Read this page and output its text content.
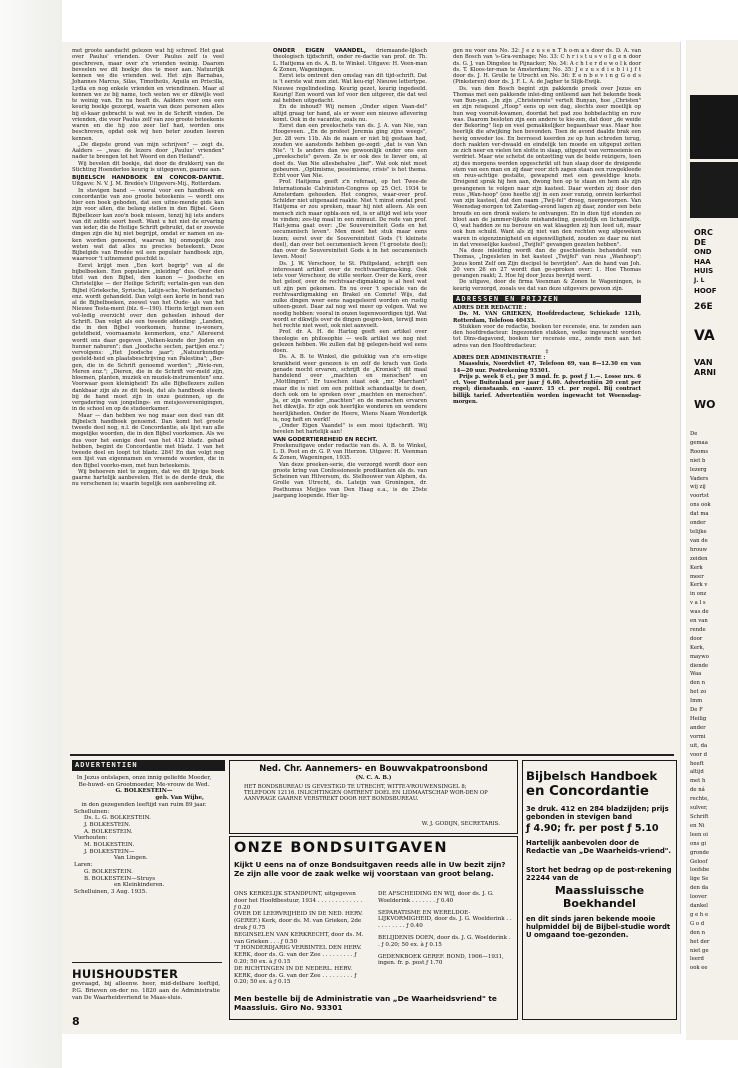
met groote aandacht gelezen wat hij schreef. Het gaat over Paulus' vrienden. Over Paulus zelf is veel geschreven, maar over z'n vrienden weinig. Daarom beveelen we dit boekje des te meer aan. Natuurlijk kennen we die vrienden wel. Het zijn Barnabas, Johannes Marcus, Silas, Timotheüs, Aquila en Priscilla, Lydia en nog enkele vrienden en vriendinnen. Maar al kennen we ze bij name, toch weten we er dikwijls veel te weinig van. En nu heeft ds. Aalders voor ons een keurig boekje gezorgd, waarin van deze personen alles bij el-kaar gebracht is wat we in de Schrift vinden. De vrienden, die voor Paulus zelf van zoo groote beteekenis waren en die hij zoo zeer lief had, worden ons beschreven, opdat ook wij hen beter zouden leeren kennen.

„De diepste grond van mijn schrijven" — zegt ds. Aalders — „was: de lezers door „Paulus' vrienden" nader te brengen tot het Woord en den Heiland".

Wij bevelen dit boekje, dat door de drukkerij van de Stichting Hoenderloo keurig is uitgegeven, gaarne aan.

BIJBELSCH HANDBOEK EN CONCOR-DANTIE. Uitgave: N. V. J. M. Bredée's Uitgevers-Mij., Rotterdam.

In stevigen band — vooral voor een handboek en concordantie van zoo groote beteekenis — wordt ons hier een boek geboden, dat een uitne-mende gids kan zijn voor allen, die belang stellen in den Bijbel. Geen Bijbellezer kan zoo'n boek missen, tenzij hij iets anders van dit zelfde soort heeft. Want u het niet de ervaring van ieder, die de Heilige Schrift gebruikt, dat er zoovele dingen zijn die hij niet begrijpt, omdat er namen en za-ken worden genoemd, waarvan hij onmogelijk zou weten wat dat alles nu precies beteekent. Deze Bijbelgids van Bredée wil een populair handboek zijn, waarvoor 't uitnemend geschikt is.

Eerst krijgt men „Een kort begrip" van al de bijbelboeken. Een populaire „inleiding" dus. Over den titel van den Bijbel, den kanon — Joodsche en Christelijke — der Heilige Schrift; vertalin-gen van den Bijbel (Grieksche, Syrische, Latijn-sche, Nederlandsche) enz. wordt gehandeld. Dan volgt een korte in hond van al de Bijbelboeken, zoowel van het Oude- als van het Nieuwe Testa-ment (blz. 6—190). Hierin krijgt men een vol-ledig overzicht over den geheelen inhoud der Schrift. Dan volgt als een tweede afdeeling: „Landen, die in den Bijbel voorkomen, hunne in-woners, geteldheid, voornaamste kenmerken, enz." Allereerst wordt ons daar gegeven „Volken-kunde der Joden en hunner naburen"; dan „Joodsche secten, partijen enz."; vervolgens: „Het Joodsche jaar"; „Natuurkundige gesteld-heid en plaatsbeschrijving van Palestina"; „Ber-gen, die in de Schrift genoemd worden"; „Rivie-ren, Meren enz."; „Dieren, die in de Schrift vor-meld zijn, bloemen, planten, muziek en muziek-instrumenten" enz. Voorwaar geen kleinigheid! En alle Bijbellezers zullen dankbaar zijn als ze dit boek, dat als handboek steeds bij de hand moet zijn in onze gezinnen, op de vergadering van jongelings- en meisjesvereenigingen, in de school en op de studeerkamer.

Maar — dan hebben we nog maar een deel van dit Bijbelsch handboek genoemd. Dan komt het groote tweede deel nog, n.l. de Concordantie, als lijst van alle mogelijke woorden, die in den Bijbel voorkomen. Als we dus voor het eenige deel van het 412 bladz. gehad hebben, begint de Concordantie met bladz. 1 van het tweede deel en loopt tot bladz. 284! En dan volgt nog een lijst van eigennamen en vreemde woorden, die in den Bijbel voorko-men, met hun beteekenis.

Wij behoeven niet te zeggen, dat we dit lijvige boek gaarne hartelijk aanbevelen. Het is de derde druk, die nu verschenen is; waarin tegelijk een aanbeveling zit.

ONDER EIGEN VAANDEL, driemaande-lijksch theologisch tijdschrift, onder re-dactie van prof. dr. Th. L. Haitjema en ds. A. B. te Winkel. Uitgave: H. Veen-man & Zonen, Wageningen.

Eerst iets omtrent den omslag van dit tijd-schrift. Dat is 't eerste wat men ziet. Wat keu-rig! Nieuwe lettertype. Nieuwe regelindeeling. Keurig gezet, keurig ingedeeld. Keurig! Een woord van lof voor den uitgever, die dat wel zal hebben uitgedacht.

En de inhoud? Wij nemen „Onder eigen Vaan-del" altijd graag ter hand, als er weer een nieuwe aflevering komt. Ook in de vacantie, zoals nu.

Eerst dan een preekschets van ds. J. A. van Nie, van Hoogeveen. „En de profeet Jeremia ging zijns weegs", Jer. 28 vers 11b. Als de naam er niet bij gestaan had, zouden we aanstonds hebben ge-zegd: „dat is van Van Nie". 't Is anders dan we gewoonlijk onder ons een „preekschets" geven. Ze is er ook des te liever om, al doet ds. Van Nie allesbehalve „lief". Wat ook niet moet gebeuren. „Optimisme, pessimisme, crisis" is het thema. Echt voor Van Nie.

Prof. Haitjema geeft z'n referaat, op het Twee-de Internationale Calvinisten-Congres op 25 Oct. 1934 te Amsterdam gehouden. Het congres, waar-over prof. Schilder niet uitgenaaid raakte. Niet 't minst omdat prof. Haitjema er zou spreken, maar hij niet alleen. Als een mensch zich maar opbla-zen wil, is er altijd wel iets voor te vinden; zes-tig maal in een minuut. De rede van prof. Hait-jema gaat over: „De Souvereiniteit Gods en het oecumenisch leven". Men moet het stuk maar eens lezen; eerst over de Souvereiniteit Gods ('t kleinste deel), dan over het oecumenisch leven ('t grootste deel); dan over de Souvereiniteit Gods à in het oecumenisch leven. Mooi!

Ds. J. W. Verschoor, te St. Philipsland, schrijft een interessant artikel over de rechtvaardigma-king. Ook iets voor Verschoor, de stille werker. Over de Kerk, over het geloof, over de rechtvaar-digmaking is al heel wat uit zijn pen gekomen. En nu over 't speciale van de rechtvaardigmaking en Brakel en Comrie! Wijs, dat zulke dingen weer eens nagegeleerd worden en rustig uiteen-gezet. Daar zal nog wel meer op volgen. Wat we noodig hebben: vooral in onzen tegenwoordigen tijd. Wat wordt er dikwijls over de dingen gespro-ken, terwijl men het rechte niet weet, ook niet aanvoelt.

Prof. dr. A. H. de Hartog geeft een artikel over theologie en philosophie — welk artikel we nog niet gelezen hebben. We zullen dat bij gelegen-heid wel eens doen.

Ds. A. B. te Winkel, die gelukkig van z'n ern-stige krankheid weer genezen is en zelf de krach van Gods genade mocht ervaren, schrijft de „Kroniek"; dit maal handelend over „machten en menschen" en „Mottlingen". Er tusschen staat ook „mr. Marchant" maar die is niet om een politiek schandaaltje te doen, doch ook om te spreken over „machten en menschen". Ja, er zijn wonder „machten" en de menschen ervaren het dikwijls. Er zijn ook heerlijke wonderen en wondere heerlijkheden. Onder de Heere, Wiens Naam Wonderlijk is, nog heft en werkt!

„Onder Eigen Vaandel" is een mooi tijdschrift. Wij bevelen het hartelijk aan!

VAN GODERTIEREHEID EN RECHT.

Preekenuitgave onder redactie van ds. A. B. te Winkel, L. D. Poot en dr. G. P. van Itterzon. Uitgave: H. Veenman & Zonen, Wageningen, 1935.

Van deze preeken-serie, die verzorgd wordt door een groote kring van Confessioneele predikanten als ds. van Scheinen van Hilversum, ds. Stelhouwer van Alphen, ds. Grolle van Utrecht, ds. Lateijn van Groningen, dr. Posthumus Meijjes van Den Haag e.a., is de 25ste jaargang loopende. Hier lig-

gen nu voor ons No. 32: J e z u s e n T h o-m a s door ds. D. A. van den Bosch van 's-Gra-venhage; No. 33: C h r i s t u s v o l g e n door ds. G. J. van Dingstee te Pijnacker; No. 34: A c h t e r d e w o l k door ds. T. Kloos-ter-man te Amsterdam; No. 35: J e z u s d i e b l i j f t door ds. J. H. Grolle te Utrecht en No. 36: E e n b e v i n g G o d s (Pinksteren) door ds. J. F. L. A. de Jagher te Slijk-Ewijk.

Ds. van den Bosch begint zijn pakkende preek over Jezus en Thomas met een pakkende inlei-ding ontleend aan het bekende boek van Bun-yan. „In zijn „Christenreis" vertelt Bunyan, hoe „Christen" en zijn reisgezel „Hoop" eens op een dag, slechts zeer moeilijk op hun weg vooruit-kwamen, doordat het pad zoo hobbelachtig en ruw was. Daarom besloten zijn een andere te kie-zen, dat door „de weide der Bekoring" liep en veel gemakkelijker begaanbaar was. Maar hoe heerlijk die afwijking hen bevonden. Toen de avond daalde brak een hevig onweder los. En bevreesd keerden ze op hun schreden terug, doch raakten ver-dwaald en eindelijk ten moede en uitgeput zetten ze zich neer en vielen ten slotte in slaap, uitgeput van vermoeienis en verdriet. Maar wie schetst de ontzetting van de beide reizigers, toen zij des morgens werden opgeschrikt uit hun slaap door de dreigende stem van een man en zij daar voor zich zagen staan een ruwgekleede en reus-achtige gestalte, gewapend met een geweldige knots. Dreigend sprak hij hen aan, dwong hen op te staan en hem als zijn gevangenen te volgen naar zijn kasteel. Daar werden zij door den reus „Wan-hoop" (zoo heette zij) in een zeer vunzig, onrein kerkerhol van zijn kasteel, dat den naam „Twij-fel" droeg, neergeworpen. Van Woensdag-morgen tot Zaterdag-avond lagen zij daar, zonder een bete brouds en een dronk waters te ontvangen. En in dien tijd stonden ze bloot aan de jammer-lijkste mishandeling, geestelijk en lichamelijk. O, wat hadden ze nu berouw en wat klaagden zij hun leed uit, maar ook hun schuld. Want als zij niet van den rechten weg afgeweken waren in eigenzinnigheid en eigenwilligheid, zouden ze daar nu niet in dat vreeselijke kasteel „Twijfel" gevangen gezeten hebben".

Na deze inleiding wordt dan de geschiedenis behandeld van Thomas, „Ingesleten in het kasteel „Twijfel" van reus „Wanhoop"; Jezus komt Zelf om Zijn discipel te bevrijden". Aan de hand van Joh. 20 vers 26 en 27 wordt dan ge-sproken over: 1. Hoe Thomas gevangen raakt; 2. Hoe hij door Jezus bevrijd werd.

De uitgave, door de firma Veenman & Zonen te Wageningen, is keurig verzorgd, zooals we dat van deze uitgevers gewoon zijn.

ADRESSEN EN PRIJZEN

ADRES DER REDACTIE :

Ds. M. VAN GRIEKEN, Hoofdredacteur, Schiekade 121b, Rotterdam, Telefoon 40433.

Stukken voor de redactie, boeken ter recensie, enz. te zenden aan den hoofdredacteur. Ingezonden stukken, welke ingewacht worden tot Dins-dagavond, boeken ter recensie enz., zende men aan het adres van den Hoofdredacteur.

‡

ADRES DER ADMINISTRATIE :

Maassluis, Noordvliet 47, Telefoon 69, van 8—12.30 en van 14—20 uur. Postrekening 93301.

Prijs p. week 6 ct.; per 3 mnd. fr. p. post ƒ 1.—. Losse nrs. 6 ct. Voor Buitenland per jaar ƒ 6.60. Advertentiën 20 cent per regel; dienstaanb. en -aanvr. 15 ct. per regel. Bij contract billijk tarief. Advertentiën worden ingewacht tot Woensdag-morgen.

ADVERTENTIEN

In Jezus ontslapen, onze innig geliefde Moeder, Be-huwd- en Grootmoeder, Me-vrouw de Wed.

G. BOLKESTEIN—

geb. Van Wijhe,

in den gezegenden leeftijd van ruim 89 jaar.

Schelluinen:

Ds. L. G. BOLKESTEIN.

J. BOLKESTEIN.

A. BOLKESTEIN.

Vierhouten:

M. BOLKESTEIN.

J. BOLKESTEIN—

Van Lingen.

Laren:

G. BOLKESTEIN.

B. BOLKESTEIN—Struys

en Kleinkinderen.

Schelluinen, 3 Aug. 1935.

HUISHOUDSTER
gevraagd, bij alleenw. heer, mid-delbare leeftijd, P.G. Brieven on-der no. 1820 aan de Administratie van De Waarheidsvriend te Maas-sluis.
8
Ned. Chr. Aannemers- en Bouwvakpatroonsbond
(N. C. A. B.)
HET BONDSBUREAU IS GEVESTIGD TE UTRECHT, WITTE-VROUWENSINGEL 8; TELEFOON 12116. INLICHTINGEN OMTRENT DOEL EN LIDMAATSCHAP WOR-DEN OP AANVRAGE GAARNE VERSTREKT DOOR HET BONDSBUREAU.
W. J. GODIJN, SECRETARIS.
ONZE BONDSUITGAVEN
Kijkt U eens na of onze Bondsuitgaven reeds alle in Uw bezit zijn? Ze zijn alle voor de zaak welke wij voorstaan van groot belang.

ONS KERKELIJK STANDPUNT, uitgegeven door het Hoofdbestuur, 1934 . . . . . . . . . . . . . ƒ 0.20

OVER DE LEERVRIJHEID IN DE NED. HERV. (GEREF.) Kerk, door ds. M. van Grieken, 2de druk ƒ 0.75

BEGINSELEN VAN KERKRECHT, door ds. M. van Grieken . . . ƒ 0.50

'T HONDERDJARIG VERBINTEL DEN HERV. KERK, door ds. G. van der Zee . . . . . . . . . ƒ 0.20; 50 ex. à ƒ 0.15

DE RICHTINGEN IN DE NEDERL. HERV. KERK, door ds. G. van der Zee . . . . . . . . . ƒ 0.20; 50 ex. à ƒ 0.15

DE AFSCHEIDING EN WIJ, door ds. J. G. Woelderink . . . . . . . ƒ 0.40

SEPARATISME EN WERELDOE-LIJKVORMIGHEID, door ds. J. G. Woelderink . . . . . . . . . . ƒ 0.40

BELIJDENIS DOEN, door ds. J. G. Woelderink . . ƒ 0.20; 50 ex. à ƒ 0.15

GEDENKBOEK GEREF. BOND, 1906—1931, ingen. fr. p. post ƒ 1.70

Men bestelle bij de Administratie van „De Waarheidsvriend" te Maassluis. Giro No. 93301
Bijbelsch Handboek
en Concordantie
3e druk. 412 en 284 bladzijden; prijs gebonden in stevigen band
ƒ 4.90; fr. per post ƒ 5.10
Hartelijk aanbevolen door de Redactie van „De Waarheids-vriend".
Stort het bedrag op de post-rekening 22244 van de
Maassluissche
Boekhandel
en dit sinds jaren bekende mooie hulpmiddel bij de Bijbel-studie wordt U omgaand toe-gezonden.
ORC
DE
OND
HAA
HUIS
J. L
HOOF
26E
VA
VAN
ARNI
WO
De
gemaa
Rooms
niet b
lezerg
Vaders
wij zij
voortst
ons ook
dat ma
onder
telijke
van de
hrouw
zeiden
Kerk
meer
Kerk v
in onz
v a l s
was de
en van
rende
door
Kerk,
maywo
diende
Waa
den n
het zo
Imm
De F
Heilig
ander
vormi
uit, da
voor d
heeft
altijd
met h
de ná
rechte,
sulver,
Schrift
en Ni
leen oi
ons gi
gronde
Geloof
loofsbe
lige Se
den da
loover
dankel
g e h e
G o d
den n
het der
niet ge
leerd
ook ee
